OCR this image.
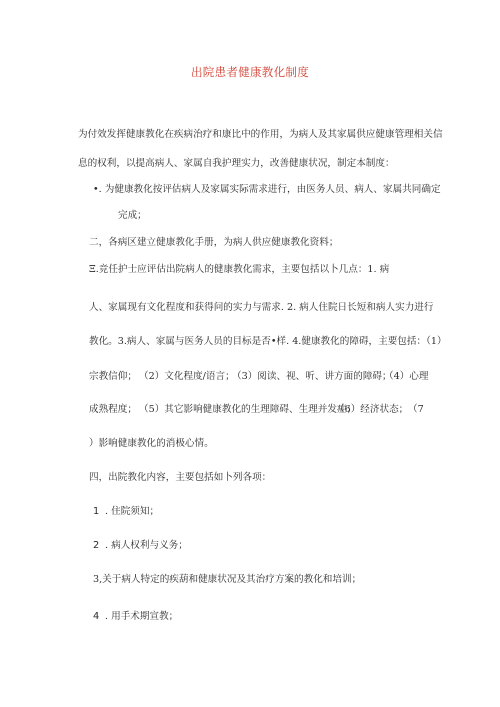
出院患者健康教化制度
为付效发挥健康教化在疾病治疗和康比中的作用，为病人及其家属供应健康管理相关信
息的权利，以提高病人、家属自我护理实力，改善健康状况，制定本制度：
•. 为健康教化按评估病人及家属实际需求进行，由医务人员、病人、家属共同确定
完成；
二，各病区建立健康教化手册，为病人供应健康教化资料；
Ξ.竞任护士应评估出院病人的健康教化需求，主要包括以卜几点：1. 病
人、家属现有文化程度和获得问的实力与需求. 2. 病人住院日长短和病人实力进行
教化。3.病人、家属与医务人员的目标是否•样. 4.健康教化的障碍，主要包括：（1）
宗教信仰； （2）文化程度/语言；
（3）阅读、视、听、讲方面的障碍；
（4）心理
成熟程度； （5）其它影响健康教化的生理障碍、生理并发症；
（6）经济状态； （7
）影响健康教化的消极心情。
四，出院教化内容，主要包括如卜列各项：
1 . 住院须知；
2 . 病人权利与义务；
3,关于病人特定的疾葫和健康状况及其治疗方案的教化和培训；
4 . 用手术期宣教；
